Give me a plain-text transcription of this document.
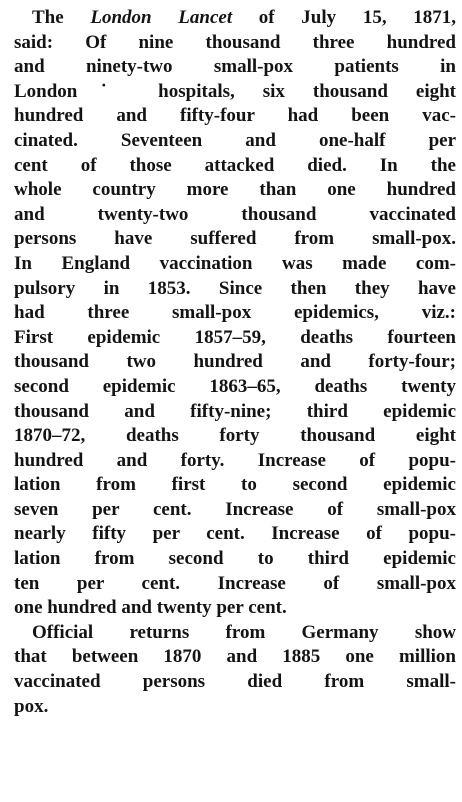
The London Lancet of July 15, 1871,
said: Of nine thousand three hundred
and ninety-two small-pox patients in
London˙ hospitals, six thousand eight
hundred and fifty-four had been vac-
cinated. Seventeen and one-half per
cent of those attacked died. In the
whole country more than one hundred
and twenty-two thousand vaccinated
persons have suffered from small-pox.
In England vaccination was made com-
pulsory in 1853. Since then they have
had three small-pox epidemics, viz.:
First epidemic 1857–59, deaths fourteen
thousand two hundred and forty-four;
second epidemic 1863–65, deaths twenty
thousand and fifty-nine; third epidemic
1870–72, deaths forty thousand eight
hundred and forty. Increase of popu-
lation from first to second epidemic
seven per cent. Increase of small-pox
nearly fifty per cent. Increase of popu-
lation from second to third epidemic
ten per cent. Increase of small-pox
one hundred and twenty per cent.
Official returns from Germany show
that between 1870 and 1885 one million
vaccinated persons died from small-
pox.
